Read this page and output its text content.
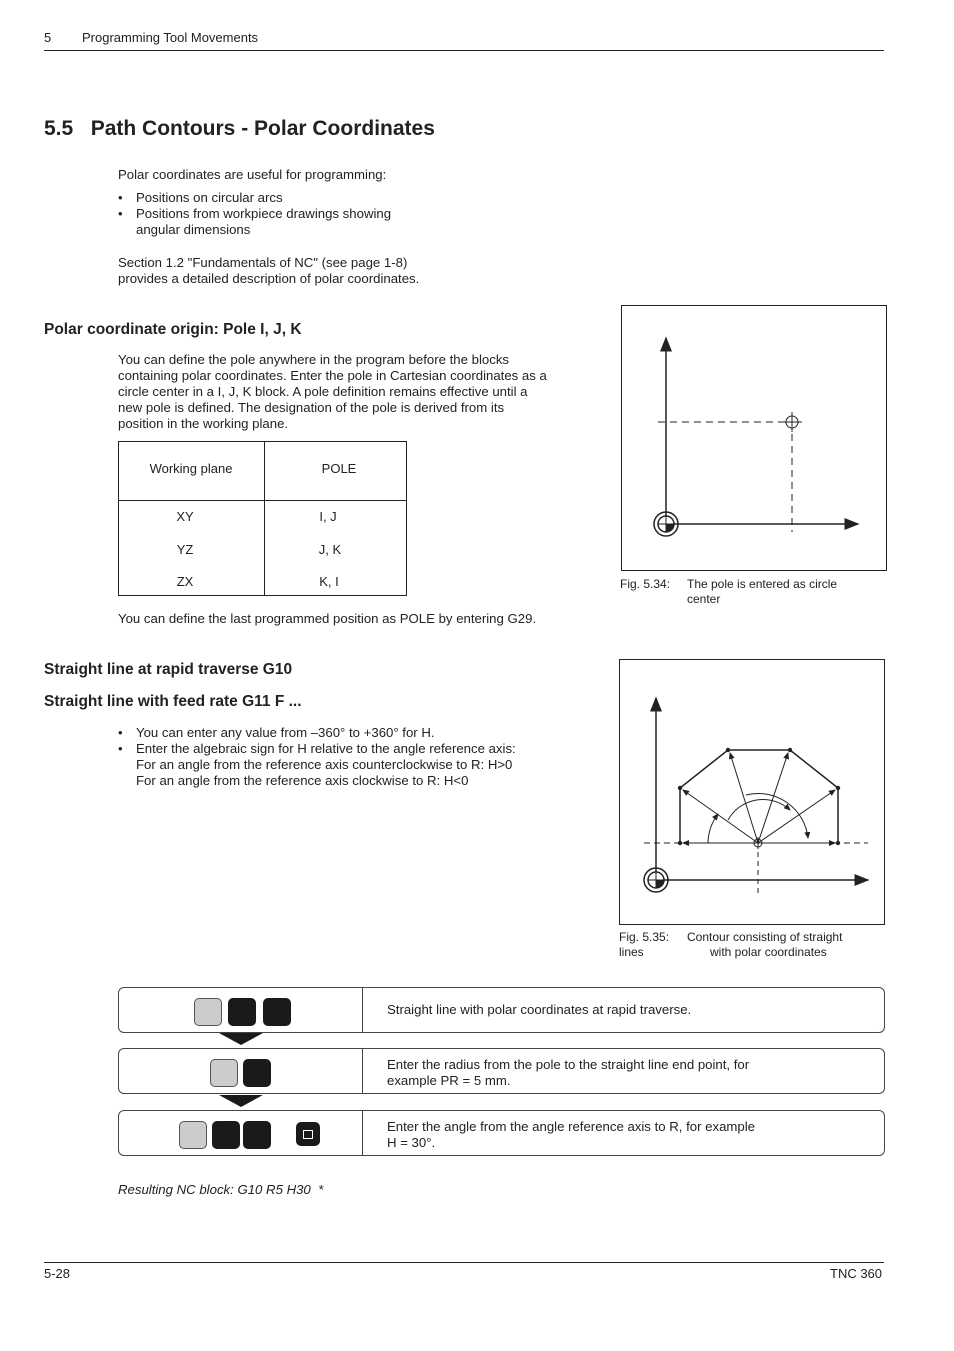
5 Programming Tool Movements
5.5   Path Contours - Polar Coordinates
Polar coordinates are useful for programming:
• Positions on circular arcs
• Positions from workpiece drawings showing
angular dimensions
Section 1.2 "Fundamentals of NC" (see page 1-8)
provides a detailed description of polar coordinates.
Polar coordinate origin: Pole I, J, K
You can define the pole anywhere in the program before the blocks
containing polar coordinates. Enter the pole in Cartesian coordinates as a
circle center in a I, J, K block. A pole definition remains effective until a
new pole is defined. The designation of the pole is derived from its
position in the working plane.
Working plane	POLE
XY	I, J
YZ	J, K
ZX	K, I
You can define the last programmed position as POLE by entering G29.
Fig. 5.34: The pole is entered as circle
center
Straight line at rapid traverse G10
Straight line with feed rate G11 F ...
• You can enter any value from –360° to +360° for H.
• Enter the algebraic sign for H relative to the angle reference axis:
For an angle from the reference axis counterclockwise to R: H>0
For an angle from the reference axis clockwise to R: H<0
Fig. 5.35:
lines
Contour consisting of straight
with polar coordinates
Straight line with polar coordinates at rapid traverse.
Enter the radius from the pole to the straight line end point, for
example PR = 5 mm.
Enter the angle from the angle reference axis to R, for example
H = 30°.
Resulting NC block: G10 R5 H30  *
5-28	TNC 360
